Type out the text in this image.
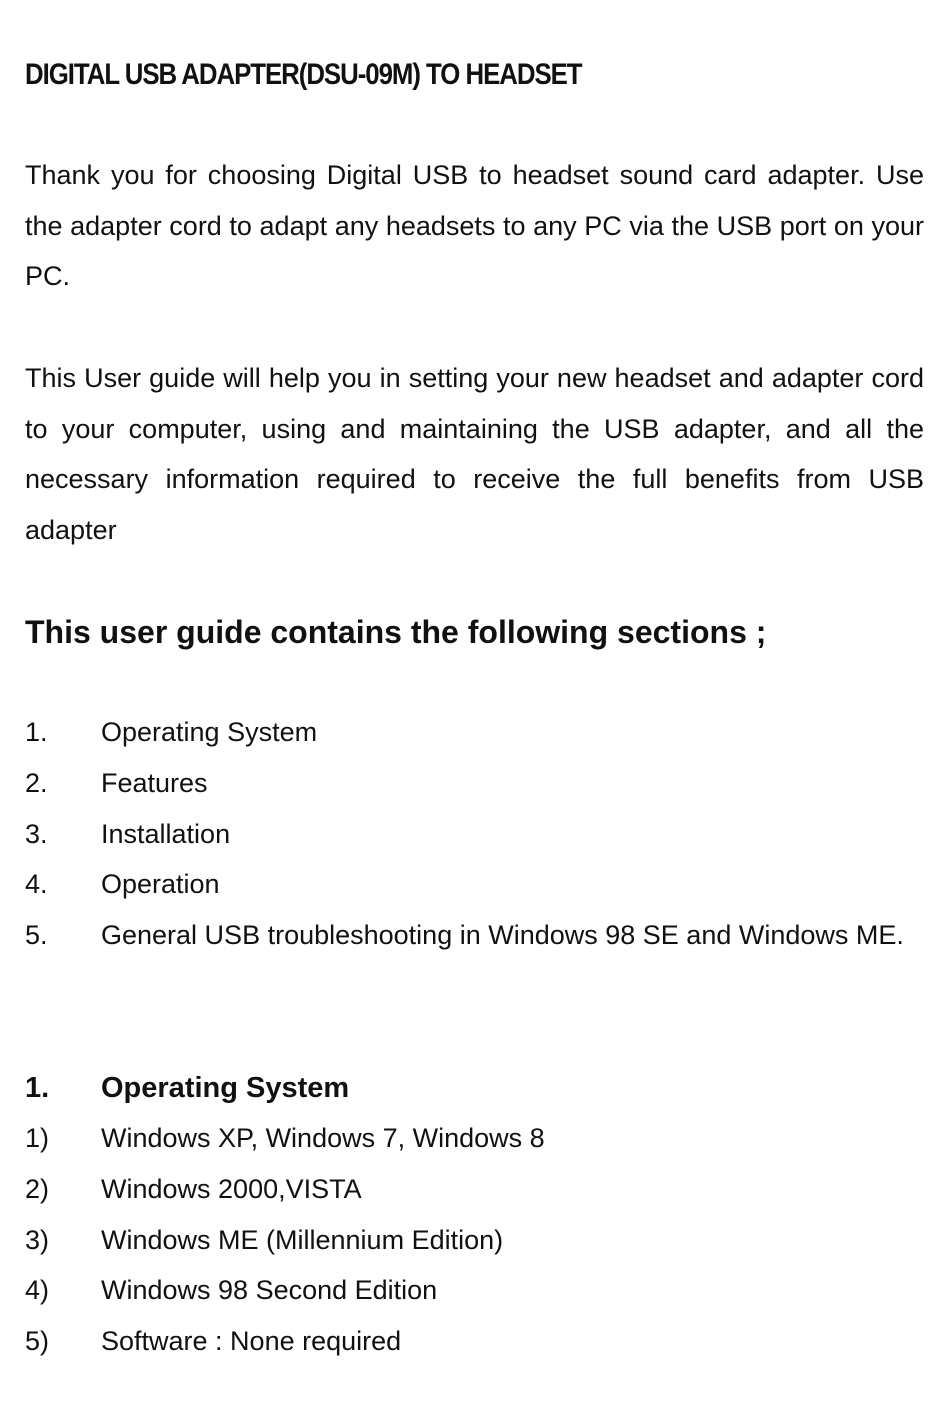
DIGITAL USB ADAPTER(DSU-09M) TO HEADSET

Thank you for choosing Digital USB to headset sound card adapter. Use the adapter cord to adapt any headsets to any PC via the USB port on your PC.

This User guide will help you in setting your new headset and adapter cord to your computer, using and maintaining the USB adapter, and all the necessary information required to receive the full benefits from USB adapter

This user guide contains the following sections ;
1.	Operating System
2.	Features
3.	Installation
4.	Operation
5.	General USB troubleshooting in Windows 98 SE and Windows ME.
1.	Operating System
1)	Windows XP, Windows 7, Windows 8
2)	Windows 2000,VISTA
3)	Windows ME (Millennium Edition)
4)	Windows 98 Second Edition
5)	Software : None required
